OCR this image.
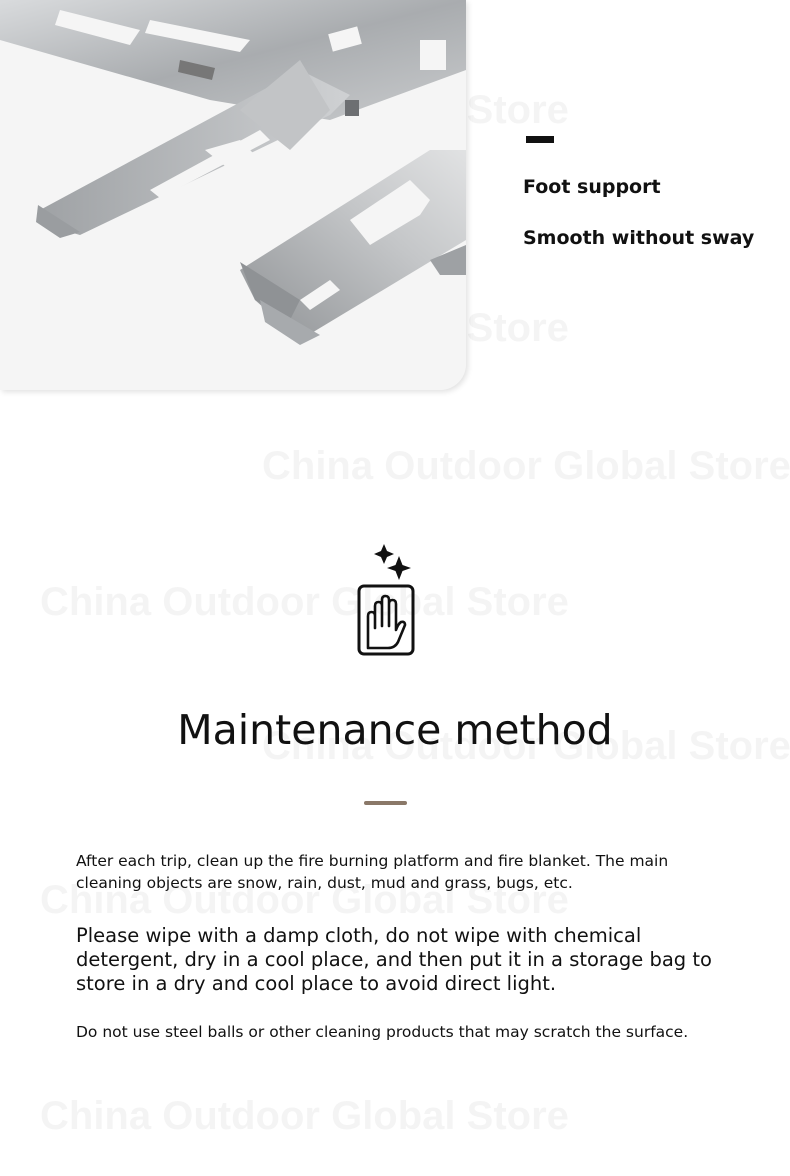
Foot support
Smooth without sway
Maintenance method

After each trip, clean up the fire burning platform and fire blanket. The main cleaning objects are snow, rain, dust, mud and grass, bugs, etc.

Please wipe with a damp cloth, do not wipe with chemical detergent, dry in a cool place, and then put it in a storage bag to store in a dry and cool place to avoid direct light.

Do not use steel balls or other cleaning products that may scratch the surface.
